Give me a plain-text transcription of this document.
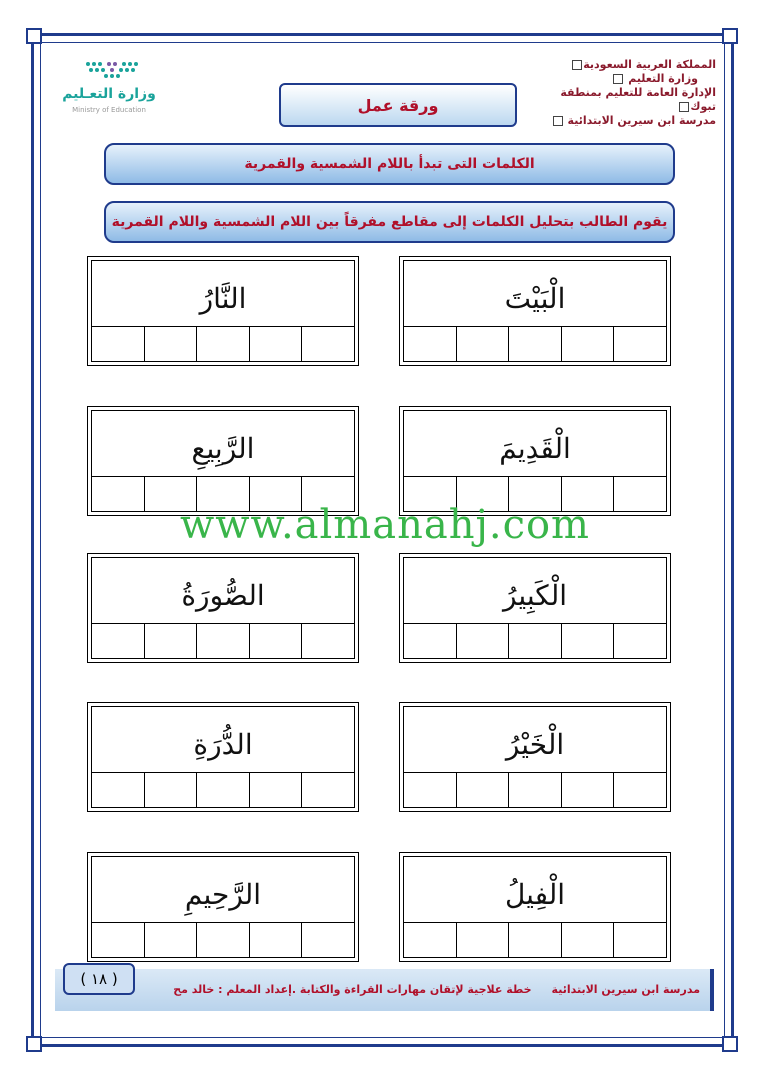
المملكة العربية السعودية
وزارة التعليم
الإدارة العامة للتعليم بمنطقة تبوك
مدرسة ابن سيرين الابتدائية
وزارة التعـليم
Ministry of Education	ورقة عمل
الكلمات التى تبدأ باللام الشمسية والقمرية
يقوم الطالب بتحليل الكلمات إلى مقاطع مفرقاً بين اللام الشمسية واللام القمرية
الْبَيْتَ
النَّارُ
الْقَدِيمَ
الرَّبِيعِ
الْكَبِيرُ
الصُّورَةُ
الْخَيْرُ
الدُّرَةِ
الْفِيلُ
الرَّحِيمِ
www.almanahj.com
مدرسة ابن سيرين الابتدائيةخطة علاجية لإتقان مهارات القراءة والكتابة .إعداد المعلم : خالد مح
( ١٨ )
